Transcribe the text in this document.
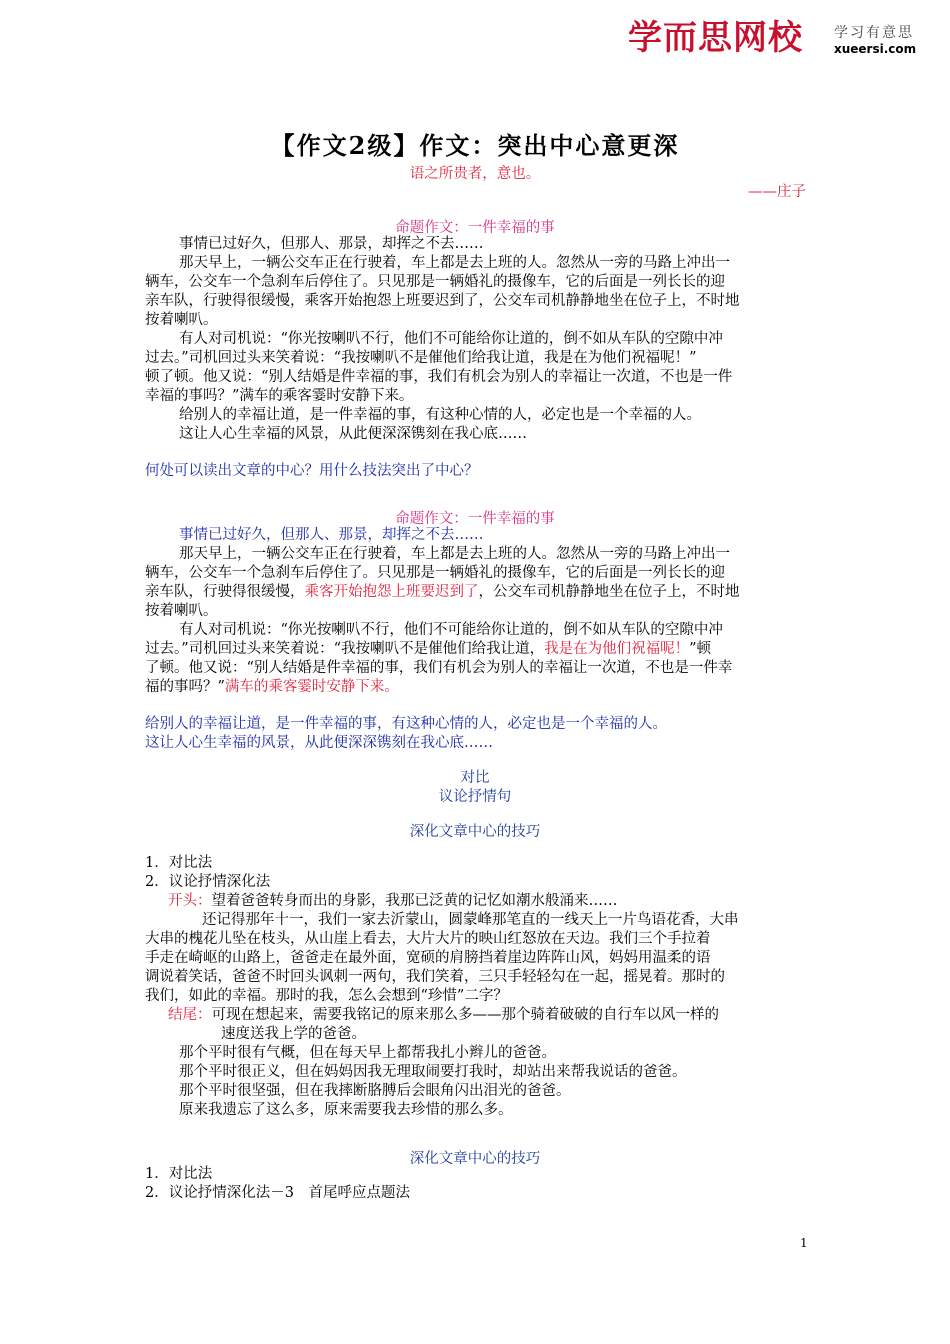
学而思网校 学习有意思
xueersi.com
【作文2级】作文：突出中心意更深
语之所贵者，意也。
——庄子
命题作文：一件幸福的事
事情已过好久，但那人、那景，却挥之不去……
那天早上，一辆公交车正在行驶着，车上都是去上班的人。忽然从一旁的马路上冲出一
辆车，公交车一个急刹车后停住了。只见那是一辆婚礼的摄像车，它的后面是一列长长的迎
亲车队，行驶得很缓慢，乘客开始抱怨上班要迟到了，公交车司机静静地坐在位子上，不时地
按着喇叭。
有人对司机说：“你光按喇叭不行，他们不可能给你让道的，倒不如从车队的空隙中冲
过去。”司机回过头来笑着说：“我按喇叭不是催他们给我让道，我是在为他们祝福呢！”
顿了顿。他又说：“别人结婚是件幸福的事，我们有机会为别人的幸福让一次道，不也是一件
幸福的事吗？”满车的乘客霎时安静下来。
给别人的幸福让道，是一件幸福的事，有这种心情的人，必定也是一个幸福的人。
这让人心生幸福的风景，从此便深深镌刻在我心底……
何处可以读出文章的中心？用什么技法突出了中心？
命题作文：一件幸福的事
事情已过好久，但那人、那景，却挥之不去……
那天早上，一辆公交车正在行驶着，车上都是去上班的人。忽然从一旁的马路上冲出一
辆车，公交车一个急刹车后停住了。只见那是一辆婚礼的摄像车，它的后面是一列长长的迎
亲车队，行驶得很缓慢，乘客开始抱怨上班要迟到了，公交车司机静静地坐在位子上，不时地
按着喇叭。
有人对司机说：“你光按喇叭不行，他们不可能给你让道的，倒不如从车队的空隙中冲
过去。”司机回过头来笑着说：“我按喇叭不是催他们给我让道，我是在为他们祝福呢！”顿
了顿。他又说：“别人结婚是件幸福的事，我们有机会为别人的幸福让一次道，不也是一件幸
福的事吗？”满车的乘客霎时安静下来。
给别人的幸福让道，是一件幸福的事，有这种心情的人，必定也是一个幸福的人。
这让人心生幸福的风景，从此便深深镌刻在我心底……
对比
议论抒情句
深化文章中心的技巧
1．对比法
2．议论抒情深化法
开头：望着爸爸转身而出的身影，我那已泛黄的记忆如潮水般涌来……
还记得那年十一，我们一家去沂蒙山，圆蒙峰那笔直的一线天上一片鸟语花香，大串
大串的槐花儿坠在枝头，从山崖上看去，大片大片的映山红怒放在天边。我们三个手拉着
手走在崎岖的山路上，爸爸走在最外面，宽硕的肩膀挡着崖边阵阵山风，妈妈用温柔的语
调说着笑话，爸爸不时回头讽刺一两句，我们笑着，三只手轻轻勾在一起，摇晃着。那时的
我们，如此的幸福。那时的我，怎么会想到“珍惜”二字？
结尾：可现在想起来，需要我铭记的原来那么多——那个骑着破破的自行车以风一样的
速度送我上学的爸爸。
那个平时很有气概，但在每天早上都帮我扎小辫儿的爸爸。
那个平时很正义，但在妈妈因我无理取闹要打我时，却站出来帮我说话的爸爸。
那个平时很坚强，但在我摔断胳膊后会眼角闪出泪光的爸爸。
原来我遗忘了这么多，原来需要我去珍惜的那么多。
深化文章中心的技巧
1．对比法
2．议论抒情深化法－3　首尾呼应点题法
1
